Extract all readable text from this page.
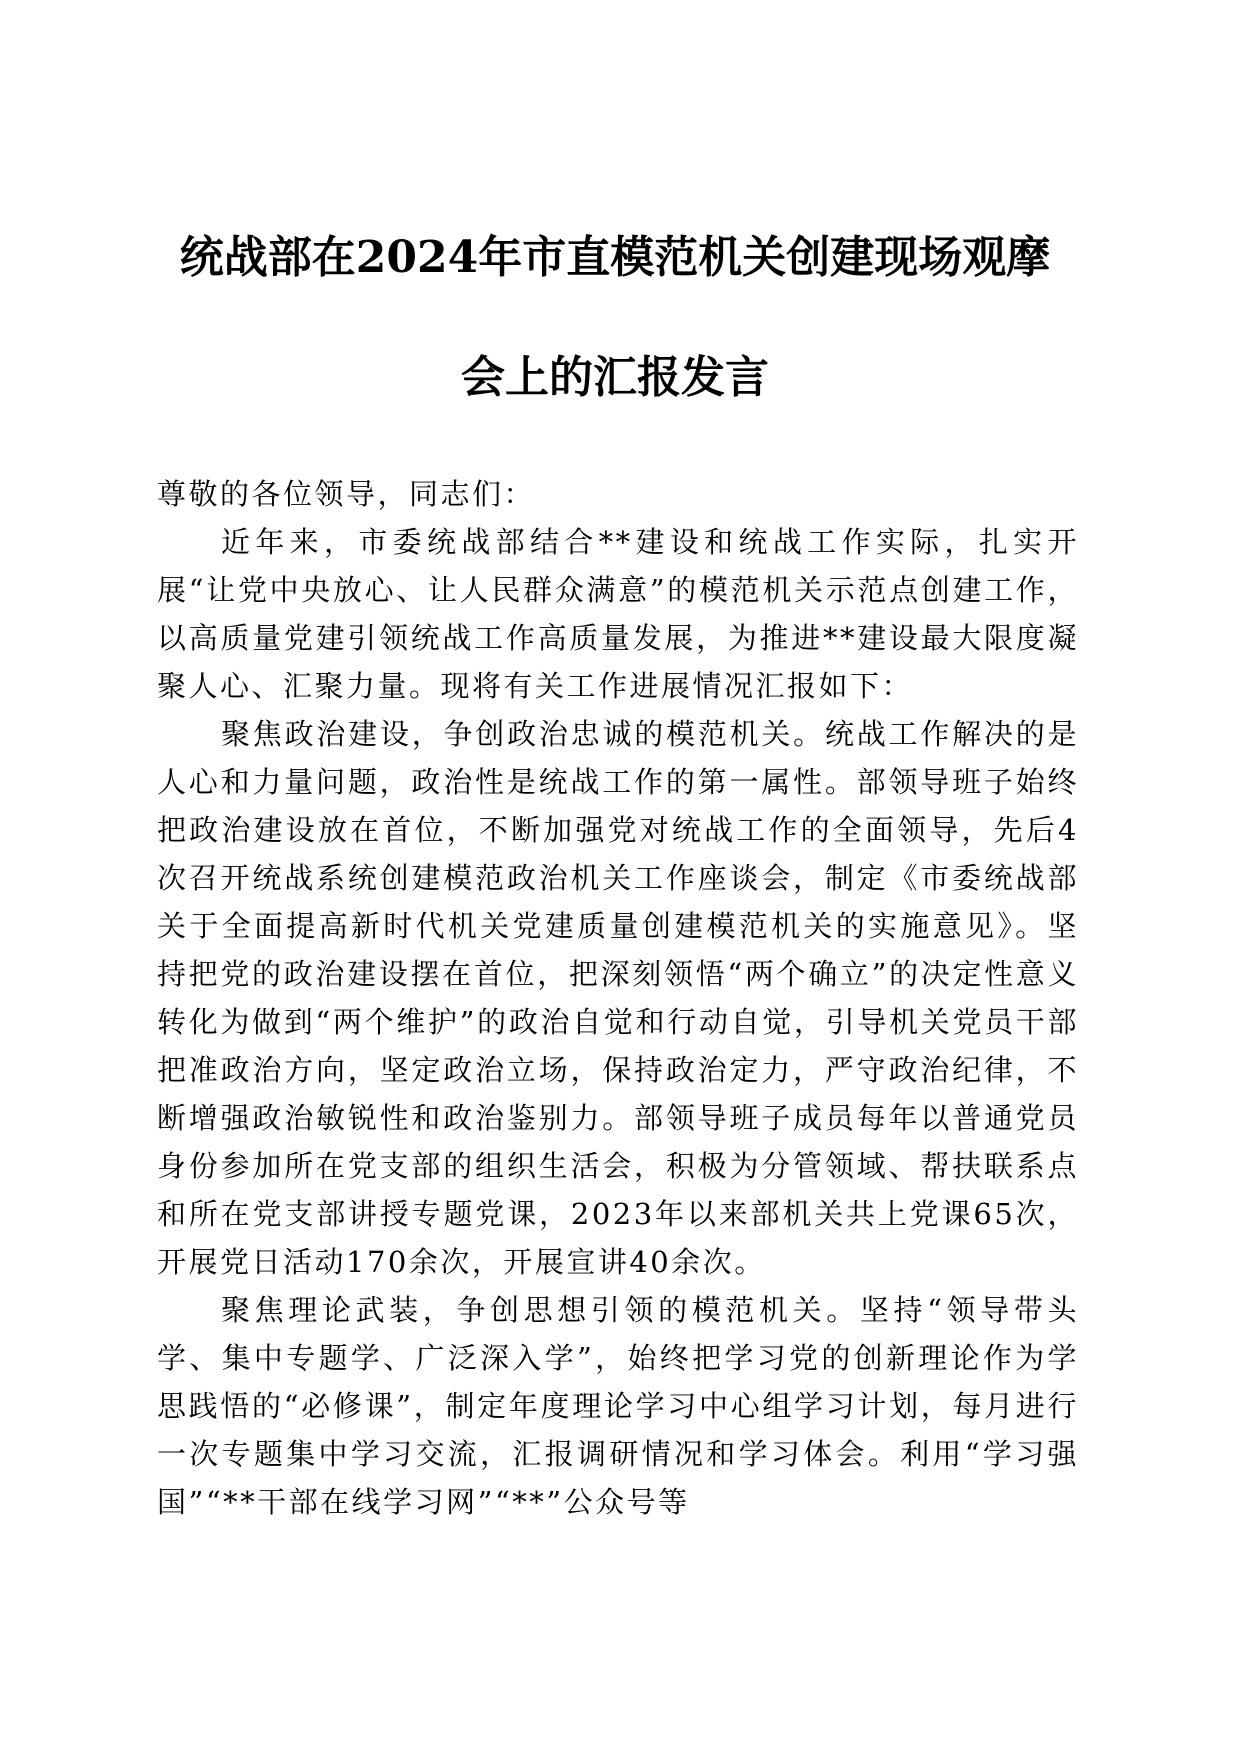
统战部在2024年市直模范机关创建现场观摩
会上的汇报发言

尊敬的各位领导，同志们：

近年来，市委统战部结合**建设和统战工作实际，扎实开展“让党中央放心、让人民群众满意”的模范机关示范点创建工作，以高质量党建引领统战工作高质量发展，为推进**建设最大限度凝聚人心、汇聚力量。现将有关工作进展情况汇报如下：

聚焦政治建设，争创政治忠诚的模范机关。统战工作解决的是人心和力量问题，政治性是统战工作的第一属性。部领导班子始终把政治建设放在首位，不断加强党对统战工作的全面领导，先后4次召开统战系统创建模范政治机关工作座谈会，制定《市委统战部关于全面提高新时代机关党建质量创建模范机关的实施意见》。坚持把党的政治建设摆在首位，把深刻领悟“两个确立”的决定性意义转化为做到“两个维护”的政治自觉和行动自觉，引导机关党员干部把准政治方向，坚定政治立场，保持政治定力，严守政治纪律，不断增强政治敏锐性和政治鉴别力。部领导班子成员每年以普通党员身份参加所在党支部的组织生活会，积极为分管领域、帮扶联系点和所在党支部讲授专题党课，2023年以来部机关共上党课65次，开展党日活动170余次，开展宣讲40余次。

聚焦理论武装，争创思想引领的模范机关。坚持“领导带头学、集中专题学、广泛深入学”，始终把学习党的创新理论作为学思践悟的“必修课”，制定年度理论学习中心组学习计划，每月进行一次专题集中学习交流，汇报调研情况和学习体会。利用“学习强国”“**干部在线学习网”“**”公众号等
